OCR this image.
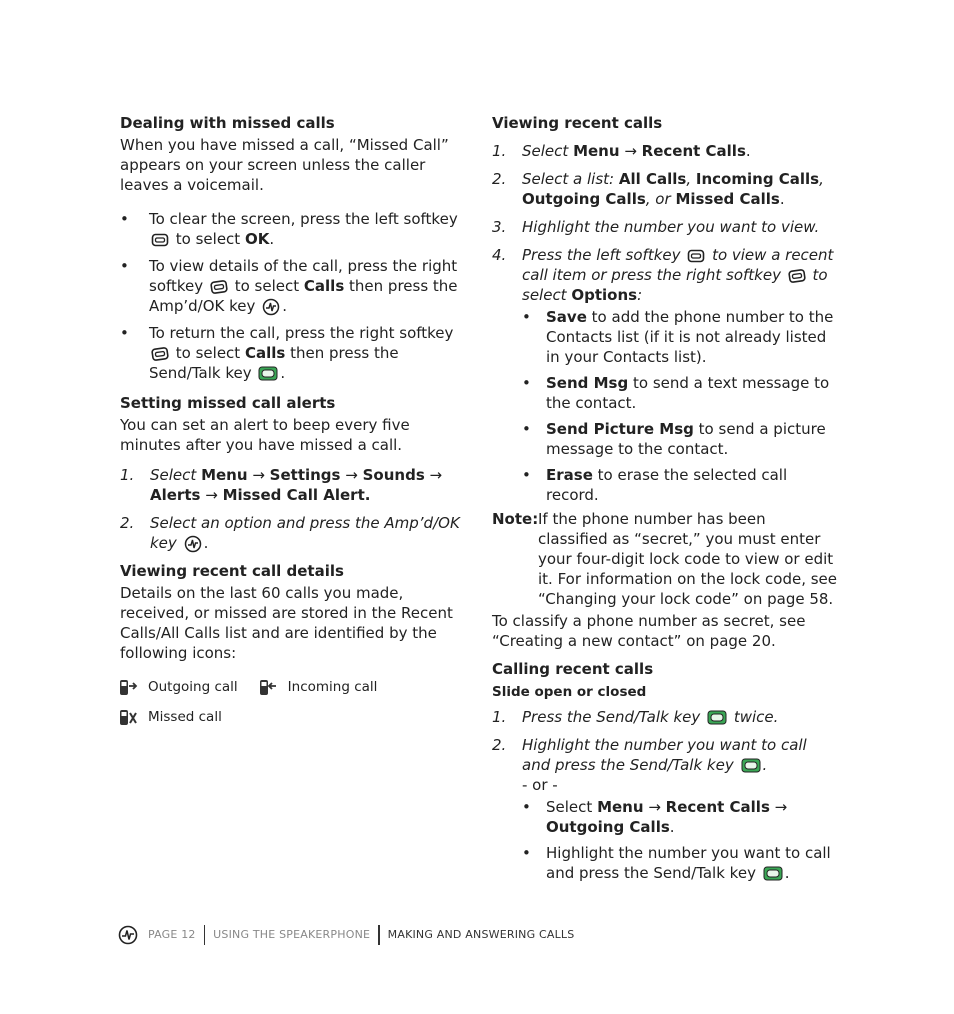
Dealing with missed calls

When you have missed a call, “Missed Call” appears on your screen unless the caller leaves a voicemail.

• To clear the screen, press the left softkey  to select OK.
• To view details of the call, press the right softkey to select Calls then press the Amp’d/OK key .
• To return the call, press the right softkey  to select Calls then press the Send/Talk key .
Setting missed call alerts

You can set an alert to beep every five minutes after you have missed a call.

1. Select Menu → Settings → Sounds → Alerts → Missed Call Alert.
2. Select an option and press the Amp’d/OK key .
Viewing recent call details

Details on the last 60 calls you made, received, or missed are stored in the Recent Calls/All Calls list and are identified by the following icons:

Outgoing call	Incoming call
Missed call
Viewing recent calls
1. Select Menu → Recent Calls.
2. Select a list: All Calls, Incoming Calls, Outgoing Calls, or Missed Calls.
3. Highlight the number you want to view.
4. Press the left softkey to view a recent call item or press the right softkey to select Options:
• Save to add the phone number to the Contacts list (if it is not already listed in your Contacts list).
• Send Msg to send a text message to the contact.
• Send Picture Msg to send a picture message to the contact.
• Erase to erase the selected call record.
Note: If the phone number has been classified as “secret,” you must enter your four-digit lock code to view or edit it. For information on the lock code, see “Changing your lock code” on page 58.

To classify a phone number as secret, see “Creating a new contact” on page 20.

Calling recent calls
Slide open or closed
1. Press the Send/Talk key twice.
2. Highlight the number you want to call and press the Send/Talk key .
- or -
• Select Menu → Recent Calls → Outgoing Calls.
• Highlight the number you want to call and press the Send/Talk key .
PAGE 12 USING THE SPEAKERPHONE MAKING AND ANSWERING CALLS
